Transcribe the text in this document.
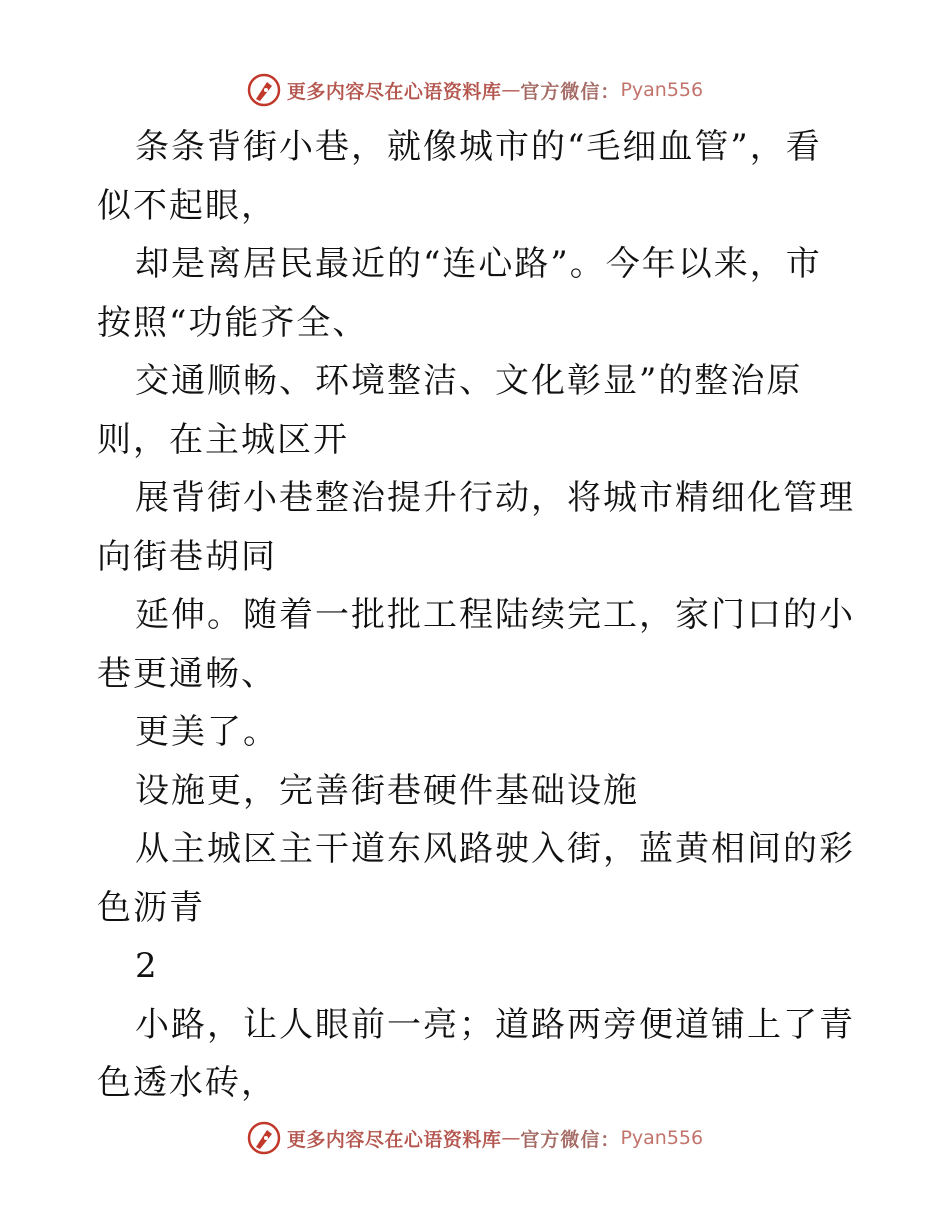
更多内容尽在心语资料库 — 官方微信： Pyan556

条条背街小巷，就像城市的“毛细血管”，看似不起眼，

却是离居民最近的“连心路”。今年以来，市按照“功能齐全、

交通顺畅、环境整洁、文化彰显”的整治原则，在主城区开

展背街小巷整治提升行动，将城市精细化管理向街巷胡同

延伸。随着一批批工程陆续完工，家门口的小巷更通畅、

更美了。

设施更，完善街巷硬件基础设施

从主城区主干道东风路驶入街，蓝黄相间的彩色沥青

2

小路，让人眼前一亮；道路两旁便道铺上了青色透水砖，

更多内容尽在心语资料库 — 官方微信： Pyan556
